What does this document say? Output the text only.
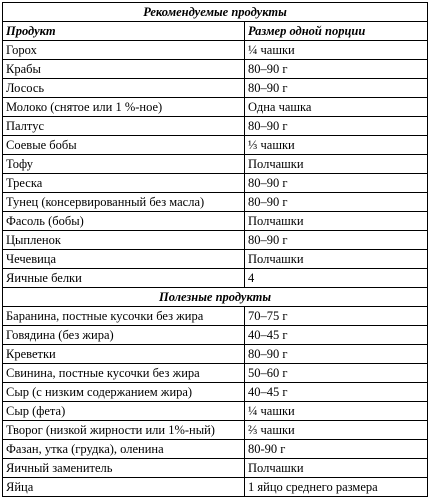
Рекомендуемые продукты	
Продукт	Размер одной порции
Горох	¼ чашки
Крабы	80–90 г
Лосось	80–90 г
Молоко (снятое или 1 %-ное)	Одна чашка
Палтус	80–90 г
Соевые бобы	⅓ чашки
Тофу	Полчашки
Треска	80–90 г
Тунец (консервированный без масла)	80–90 г
Фасоль (бобы)	Полчашки
Цыпленок	80–90 г
Чечевица	Полчашки
Яичные белки	4
Полезные продукты	
Баранина, постные кусочки без жира	70–75 г
Говядина (без жира)	40–45 г
Креветки	80–90 г
Свинина, постные кусочки без жира	50–60 г
Сыр (с низким содержанием жира)	40–45 г
Сыр (фета)	¼ чашки
Творог (низкой жирности или 1%-ный)	⅔ чашки
Фазан, утка (грудка), оленина	80-90 г
Яичный заменитель	Полчашки
Яйца	1 яйцо среднего размера
